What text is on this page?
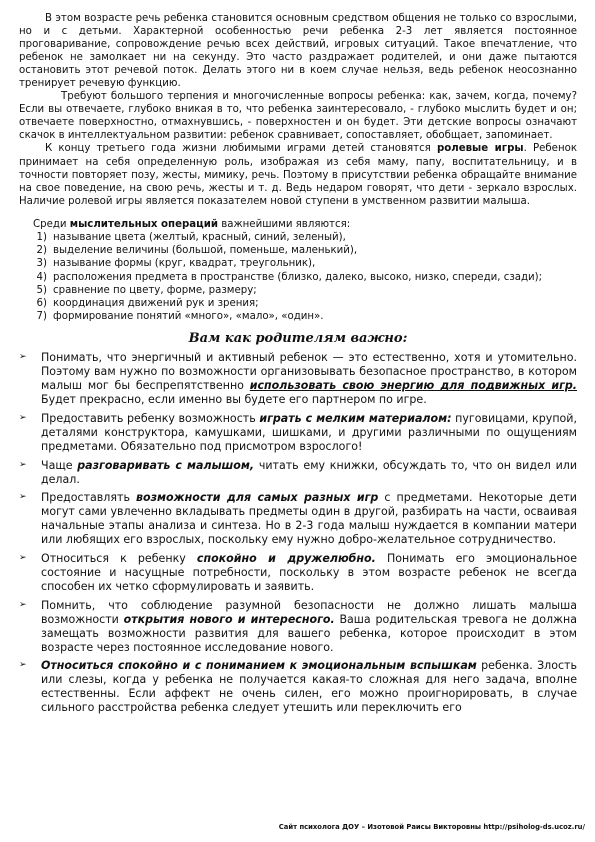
В этом возрасте речь ребенка становится основным средством общения не только со взрослыми, но и с детьми. Характерной особенностью речи ребенка 2-3 лет является постоянное проговаривание, сопровождение речью всех действий, игровых ситуаций. Такое впечатление, что ребенок не замолкает ни на секунду. Это часто раздражает родителей, и они даже пытаются остановить этот речевой поток. Делать этого ни в коем случае нельзя, ведь ребенок неосознанно тренирует речевую функцию.

Требуют большого терпения и многочисленные вопросы ребенка: как, зачем, когда, почему? Если вы отвечаете, глубоко вникая в то, что ребенка заинтересовало, - глубоко мыслить будет и он; отвечаете поверхностно, отмахнувшись, - поверхностен и он будет. Эти детские вопросы означают скачок в интеллектуальном развитии: ребенок сравнивает, сопоставляет, обобщает, запоминает.

К концу третьего года жизни любимыми играми детей становятся ролевые игры. Ребенок принимает на себя определенную роль, изображая из себя маму, папу, воспитательницу, и в точности повторяет позу, жесты, мимику, речь. Поэтому в присутствии ребенка обращайте внимание на свое поведение, на свою речь, жесты и т. д. Ведь недаром говорят, что дети - зеркало взрослых. Наличие ролевой игры является показателем новой ступени в умственном развитии малыша.

Среди мыслительных операций важнейшими являются:
1) называние цвета (желтый, красный, синий, зеленый),
2) выделение величины (большой, поменьше, маленький),
3) называние формы (круг, квадрат, треугольник),
4) расположения предмета в пространстве (близко, далеко, высоко, низко, спереди, сзади);
5) сравнение по цвету, форме, размеру;
6) координация движений рук и зрения;
7) формирование понятий «много», «мало», «один».
Вам как родителям важно:
➢	Понимать, что энергичный и активный ребенок — это естественно, хотя и утомительно. Поэтому вам нужно по возможности организовывать безопасное пространство, в котором малыш мог бы беспрепятственно использовать свою энергию для подвижных игр. Будет прекрасно, если именно вы будете его партнером по игре.
➢	Предоставить ребенку возможность играть с мелким материалом: пуговицами, крупой, деталями конструктора, камушками, шишками, и другими различными по ощущениям предметами. Обязательно под присмотром взрослого!
➢	Чаще разговаривать с малышом, читать ему книжки, обсуждать то, что он видел или делал.
➢	Предоставлять возможности для самых разных игр с предметами. Некоторые дети могут сами увлеченно вкладывать предметы один в другой, разбирать на части, осваивая начальные этапы анализа и синтеза. Но в 2-3 года малыш нуждается в компании матери или любящих его взрослых, поскольку ему нужно добро-желательное сотрудничество.
➢	Относиться к ребенку спокойно и дружелюбно. Понимать его эмоциональное состояние и насущные потребности, поскольку в этом возрасте ребенок не всегда способен их четко сформулировать и заявить.
➢	Помнить, что соблюдение разумной безопасности не должно лишать малыша возможности открытия нового и интересного. Ваша родительская тревога не должна замещать возможности развития для вашего ребенка, которое происходит в этом возрасте через постоянное исследование нового.
➢	Относиться спокойно и с пониманием к эмоциональным вспышкам ребенка. Злость или слезы, когда у ребенка не получается какая-то сложная для него задача, вполне естественны. Если аффект не очень силен, его можно проигнорировать, в случае сильного расстройства ребенка следует утешить или переключить его
Сайт психолога ДОУ – Изотовой Раисы Викторовны http://psiholog-ds.ucoz.ru/
